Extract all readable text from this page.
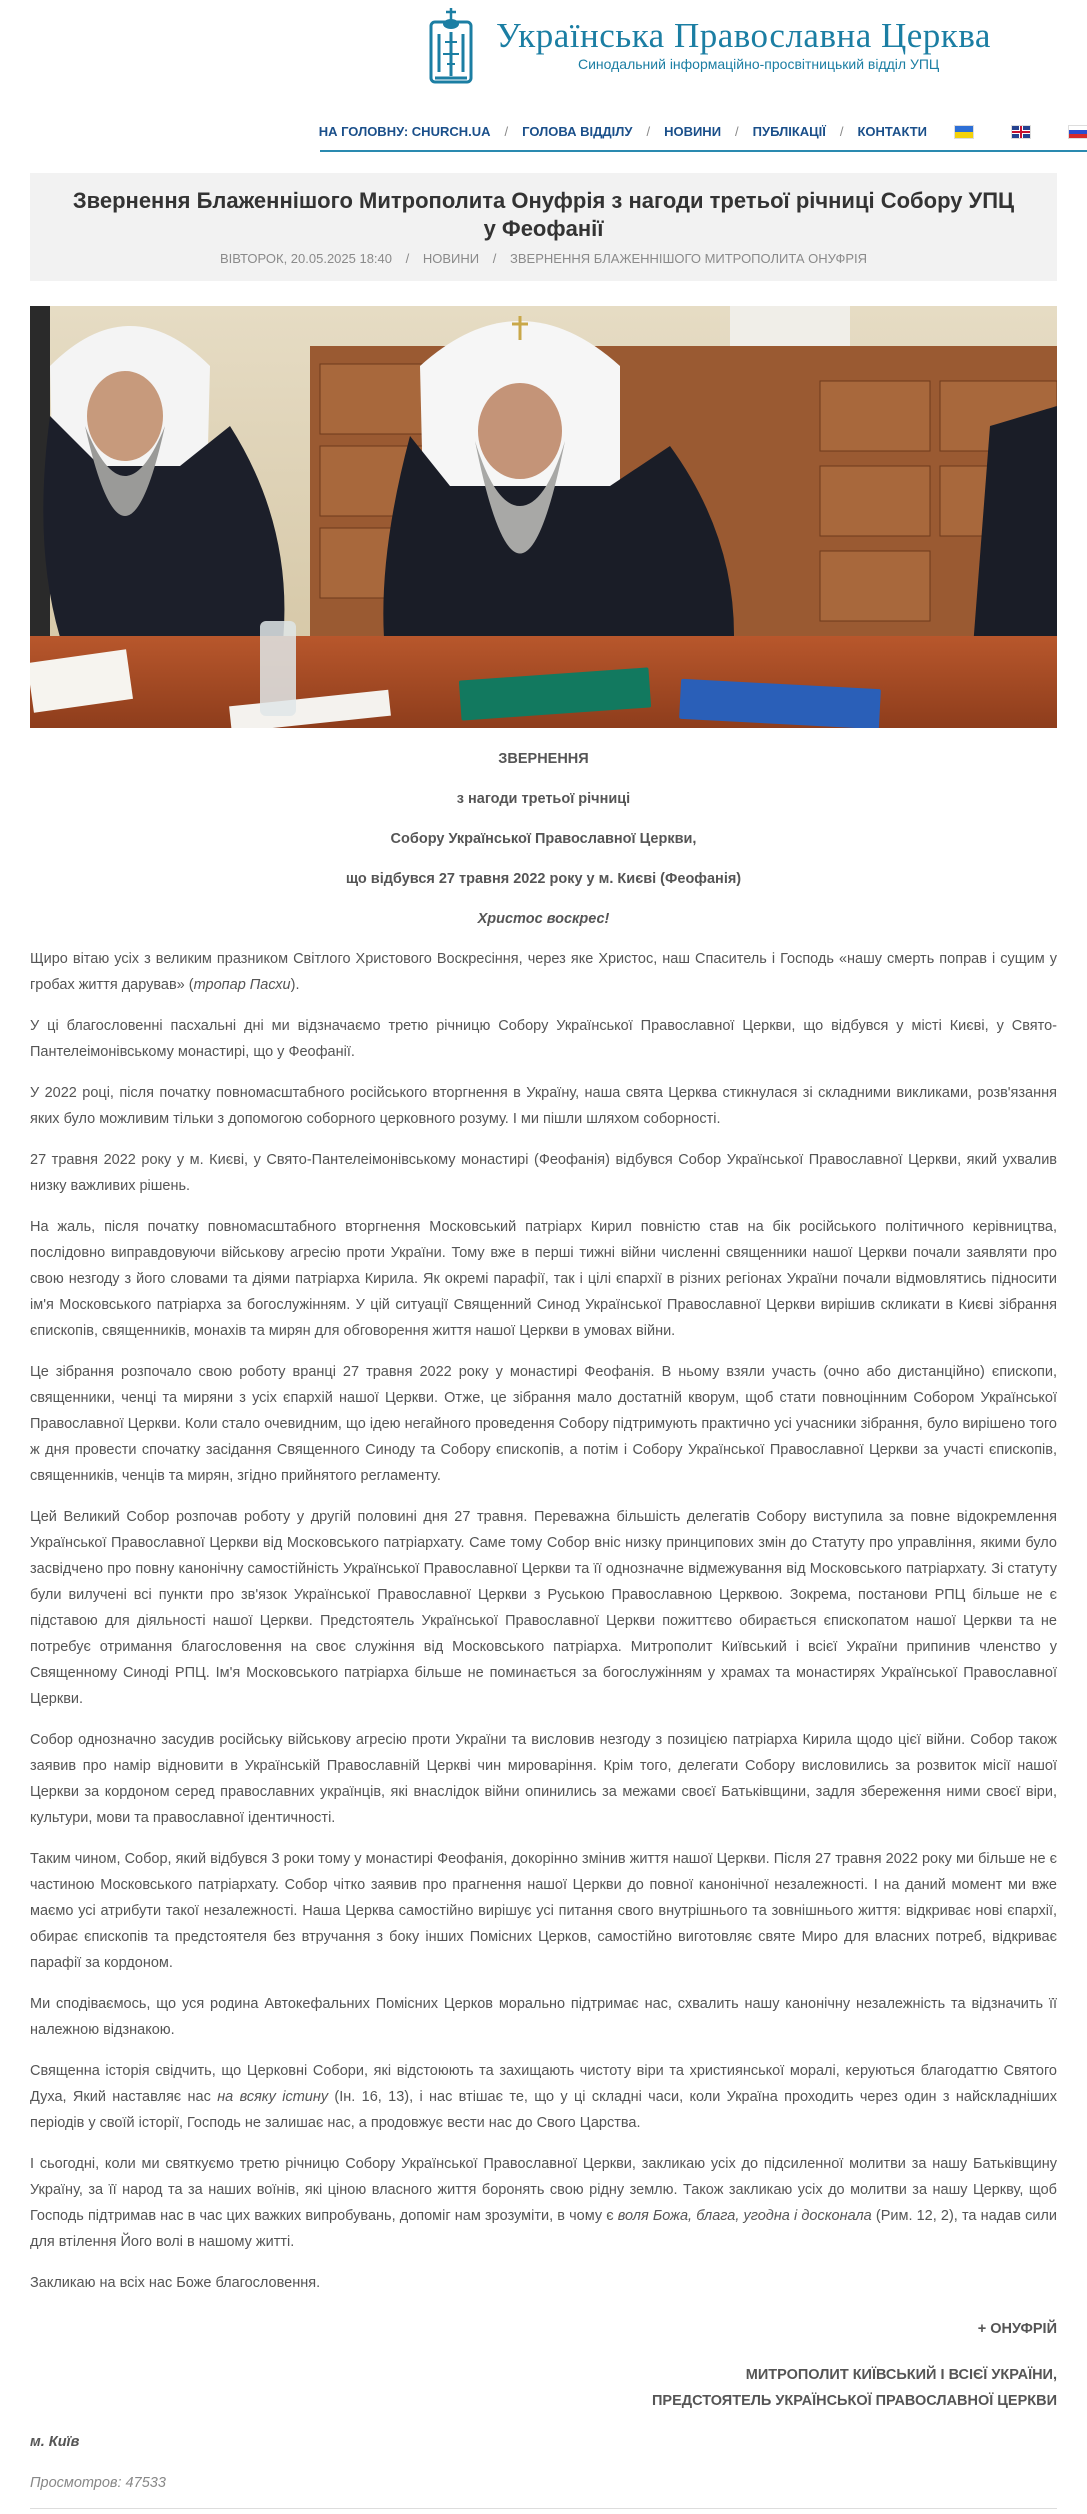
Українська Православна Церква
Синодальний інформаційно-просвітницький відділ УПЦ
НА ГОЛОВНУ: CHURCH.UA / ГОЛОВА ВІДДІЛУ / НОВИНИ / ПУБЛІКАЦІЇ / КОНТАКТИ
Звернення Блаженнішого Митрополита Онуфрія з нагоди третьої річниці Собору УПЦ у Феофанії
ВІВТОРОК, 20.05.2025 18:40 / НОВИНИ / ЗВЕРНЕННЯ БЛАЖЕННІШОГО МИТРОПОЛИТА ОНУФРІЯ

ЗВЕРНЕННЯ

з нагоди третьої річниці

Собору Української Православної Церкви,

що відбувся 27 травня 2022 року у м. Києві (Феофанія)

Христос воскрес!

Щиро вітаю усіх з великим празником Світлого Христового Воскресіння, через яке Христос, наш Спаситель і Господь «нашу смерть поправ і сущим у гробах життя дарував» (тропар Пасхи).

У ці благословенні пасхальні дні ми відзначаємо третю річницю Собору Української Православної Церкви, що відбувся у місті Києві, у Свято-Пантелеімонівському монастирі, що у Феофанії.

У 2022 році, після початку повномасштабного російського вторгнення в Україну, наша свята Церква стикнулася зі складними викликами, розв'язання яких було можливим тільки з допомогою соборного церковного розуму. І ми пішли шляхом соборності.

27 травня 2022 року у м. Києві, у Свято-Пантелеімонівському монастирі (Феофанія) відбувся Собор Української Православної Церкви, який ухвалив низку важливих рішень.

На жаль, після початку повномасштабного вторгнення Московський патріарх Кирил повністю став на бік російського політичного керівництва, послідовно виправдовуючи військову агресію проти України. Тому вже в перші тижні війни численні священники нашої Церкви почали заявляти про свою незгоду з його словами та діями патріарха Кирила. Як окремі парафії, так і цілі єпархії в різних регіонах України почали відмовлятись підносити ім'я Московського патріарха за богослужінням. У цій ситуації Священний Синод Української Православної Церкви вирішив скликати в Києві зібрання єпископів, священників, монахів та мирян для обговорення життя нашої Церкви в умовах війни.

Це зібрання розпочало свою роботу вранці 27 травня 2022 року у монастирі Феофанія. В ньому взяли участь (очно або дистанційно) єпископи, священники, ченці та миряни з усіх єпархій нашої Церкви. Отже, це зібрання мало достатній кворум, щоб стати повноцінним Собором Української Православної Церкви. Коли стало очевидним, що ідею негайного проведення Собору підтримують практично усі учасники зібрання, було вирішено того ж дня провести спочатку засідання Священного Синоду та Собору єпископів, а потім і Собору Української Православної Церкви за участі єпископів, священників, ченців та мирян, згідно прийнятого регламенту.

Цей Великий Собор розпочав роботу у другій половині дня 27 травня. Переважна більшість делегатів Собору виступила за повне відокремлення Української Православної Церкви від Московського патріархату. Саме тому Собор вніс низку принципових змін до Статуту про управління, якими було засвідчено про повну канонічну самостійність Української Православної Церкви та її однозначне відмежування від Московського патріархату. Зі статуту були вилучені всі пункти про зв'язок Української Православної Церкви з Руською Православною Церквою. Зокрема, постанови РПЦ більше не є підставою для діяльності нашої Церкви. Предстоятель Української Православної Церкви пожиттєво обирається єпископатом нашої Церкви та не потребує отримання благословення на своє служіння від Московського патріарха. Митрополит Київський і всієї України припинив членство у Священному Синоді РПЦ. Ім'я Московського патріарха більше не поминається за богослужінням у храмах та монастирях Української Православної Церкви.

Собор однозначно засудив російську військову агресію проти України та висловив незгоду з позицією патріарха Кирила щодо цієї війни. Собор також заявив про намір відновити в Українській Православній Церкві чин мироваріння. Крім того, делегати Собору висловились за розвиток місії нашої Церкви за кордоном серед православних українців, які внаслідок війни опинились за межами своєї Батьківщини, задля збереження ними своєї віри, культури, мови та православної ідентичності.

Таким чином, Собор, який відбувся 3 роки тому у монастирі Феофанія, докорінно змінив життя нашої Церкви. Після 27 травня 2022 року ми більше не є частиною Московського патріархату. Собор чітко заявив про прагнення нашої Церкви до повної канонічної незалежності. І на даний момент ми вже маємо усі атрибути такої незалежності. Наша Церква самостійно вирішує усі питання свого внутрішнього та зовнішнього життя: відкриває нові єпархії, обирає єпископів та предстоятеля без втручання з боку інших Помісних Церков, самостійно виготовляє святе Миро для власних потреб, відкриває парафії за кордоном.

Ми сподіваємось, що уся родина Автокефальних Помісних Церков морально підтримає нас, схвалить нашу канонічну незалежність та відзначить її належною відзнакою.

Священна історія свідчить, що Церковні Собори, які відстоюють та захищають чистоту віри та християнської моралі, керуються благодаттю Святого Духа, Який наставляє нас на всяку істину (Ін. 16, 13), і нас втішає те, що у ці складні часи, коли Україна проходить через один з найскладніших періодів у своїй історії, Господь не залишає нас, а продовжує вести нас до Свого Царства.

І сьогодні, коли ми святкуємо третю річницю Собору Української Православної Церкви, закликаю усіх до підсиленної молитви за нашу Батьківщину Україну, за її народ та за наших воїнів, які ціною власного життя боронять свою рідну землю. Також закликаю усіх до молитви за нашу Церкву, щоб Господь підтримав нас в час цих важких випробувань, допоміг нам зрозуміти, в чому є воля Божа, блага, угодна і досконала (Рим. 12, 2), та надав сили для втілення Його волі в нашому житті.

Закликаю на всіх нас Боже благословення.

+ ОНУФРІЙ

МИТРОПОЛИТ КИЇВСЬКИЙ І ВСІЄЇ УКРАЇНИ,
ПРЕДСТОЯТЕЛЬ УКРАЇНСЬКОЇ ПРАВОСЛАВНОЇ ЦЕРКВИ

м. Київ

Просмотров: 47533
